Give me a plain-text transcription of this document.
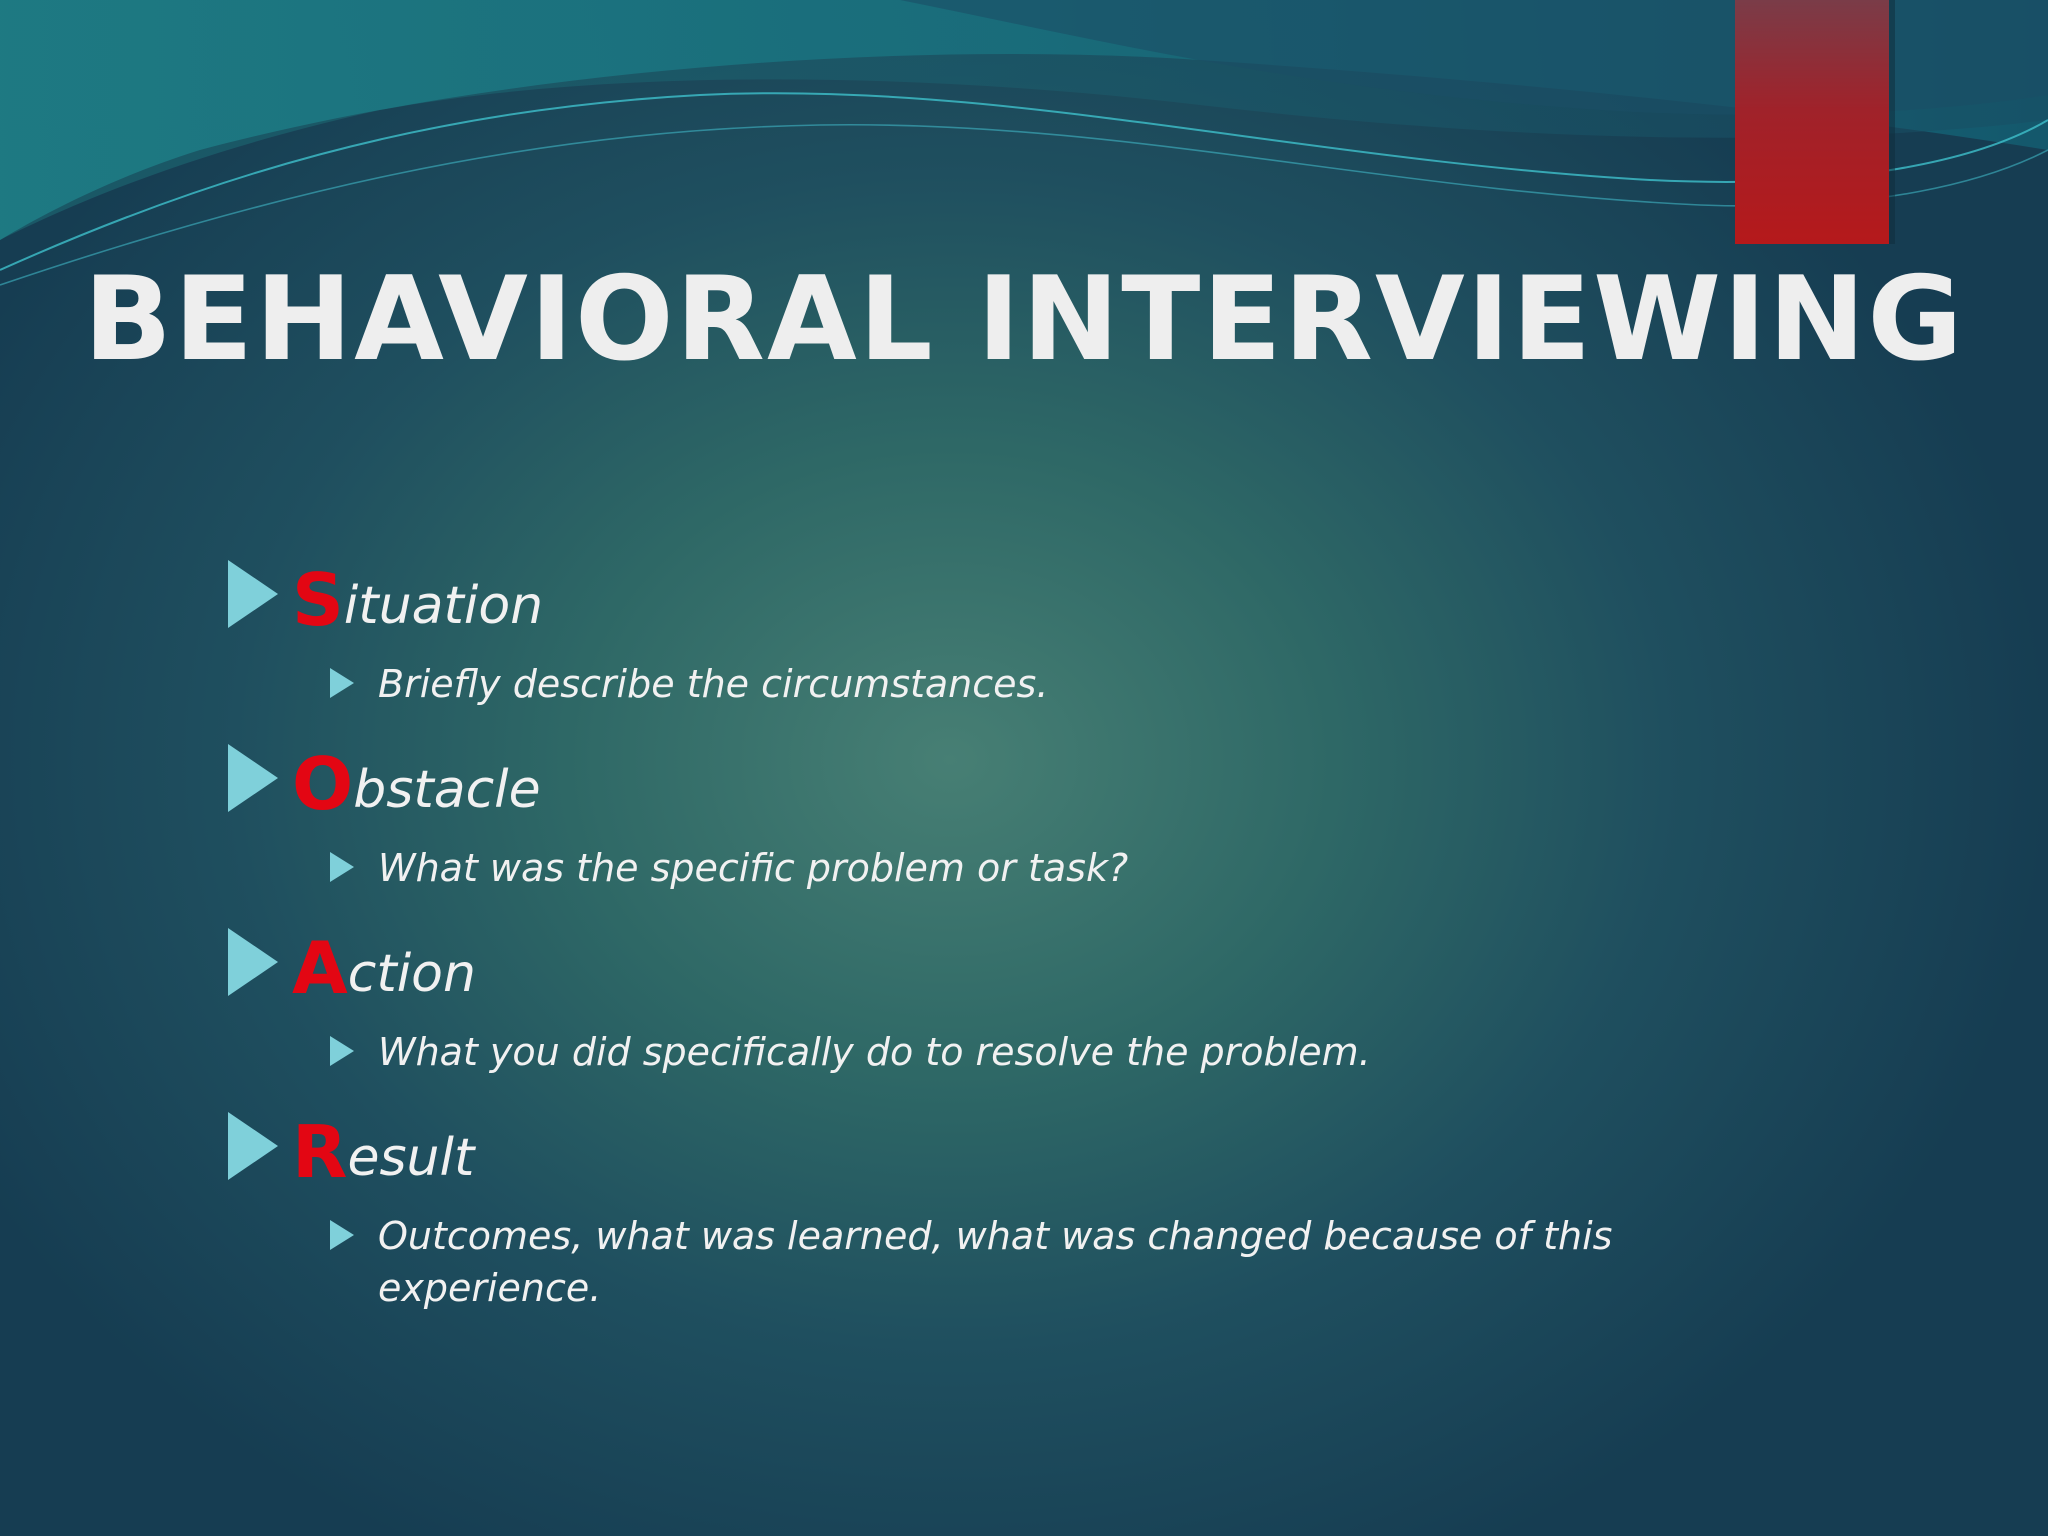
BEHAVIORAL INTERVIEWING
S ituation
Briefly describe the circumstances.
O bstacle
What was the specific problem or task?
A ction
What you did specifically do to resolve the problem.
R esult
Outcomes, what was learned, what was changed because of this experience.
